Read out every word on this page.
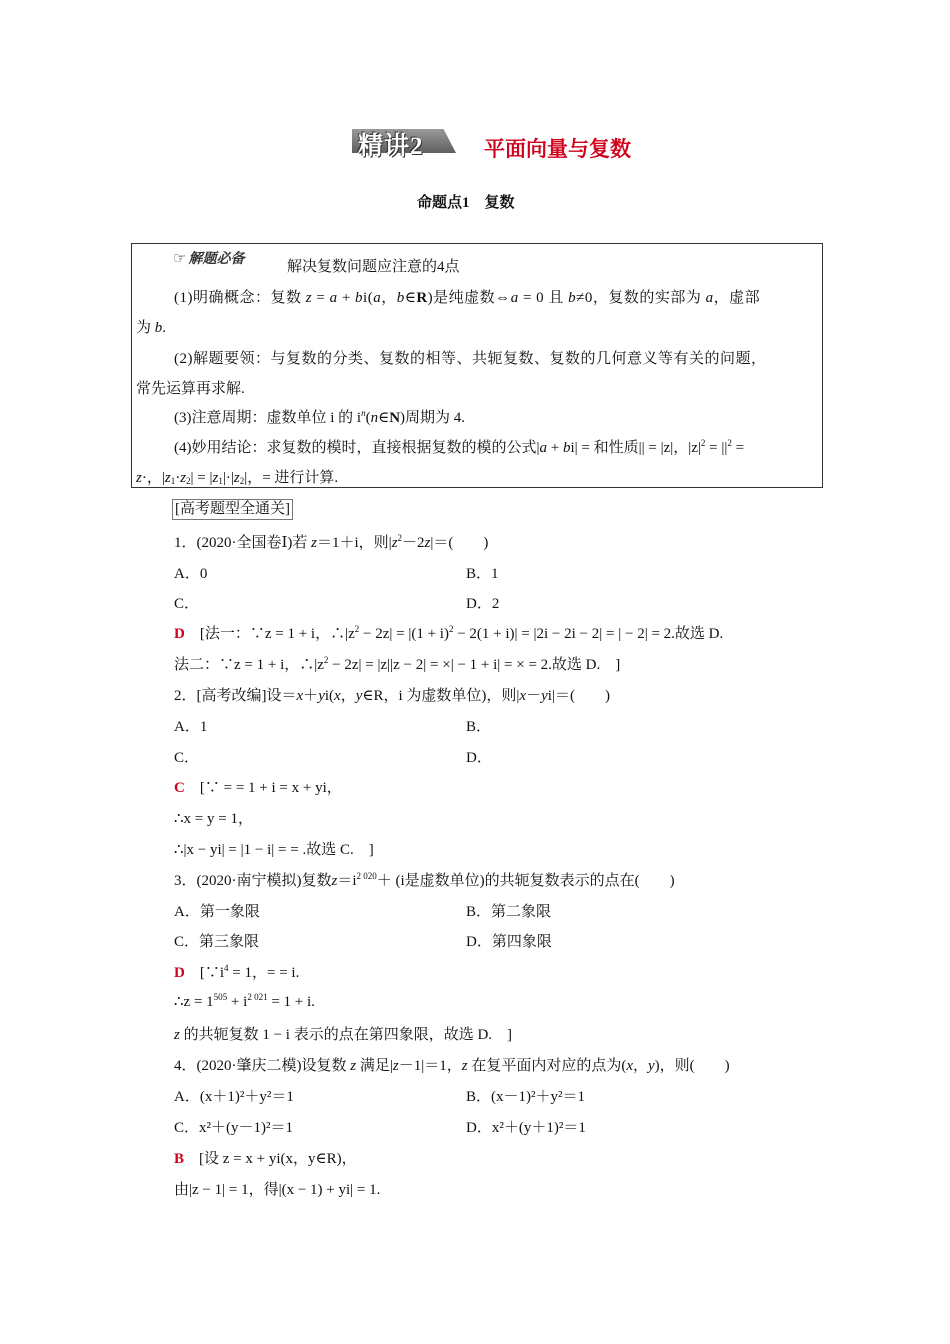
精讲2	平面向量与复数
命题点1　复数
☞ 解题必备	解决复数问题应注意的4点
(1)明确概念：复数 z = a + bi(a，b∈R)是纯虚数⇔a = 0 且 b≠0，复数的实部为 a，虚部
为 b.
(2)解题要领：与复数的分类、复数的相等、共轭复数、复数的几何意义等有关的问题，
常先运算再求解.
(3)注意周期：虚数单位 i 的 $i^n(n\in N)$周期为 4.
(4)妙用结论：求复数的模时，直接根据复数的模的公式|a + bi| = 和性质|| = |z|，$|z|^2 = ||^2$ =
z·，$|z_1\cdot z_2| = |z_1|\cdot|z_2|$，= 进行计算.
[高考题型全通关]
1．(2020·全国卷Ⅰ)若 z＝1＋i，则$|z^2-2z|=$(　　)
A．0	B．1
C．	D．2
D　 [法一：∵z = 1 + i，$\therefore|z^2 - 2z| = |(1 + i)^2 - 2(1 + i)| = |2i - 2i - 2|$ = | − 2| = 2.故选 D.
法二：∵z = 1 + i，$\therefore|z^2 - 2z| = |z||z - 2|$ = ×| − 1 + i| = × = 2.故选 D.　]
2．[高考改编]设＝x＋yi(x，y∈R，i 为虚数单位)，则|x－yi|＝(　　)
A．1	B．
C．	D．
C　 [∵ = = 1 + i = x + yi，
∴x = y = 1，
∴|x − yi| = |1 − i| = = .故选 C.　]
3．(2020·南宁模拟)复数$z=i^{2 020}+ (i$是虚数单位)的共轭复数表示的点在(　　)
A．第一象限	B．第二象限
C．第三象限	D．第四象限
D　 [$\because i^4 = 1$，= = i.
∴z = $1^{505} + i^{2 021} = 1 + i$.
z 的共轭复数 1 − i 表示的点在第四象限，故选 D.　]
4．(2020·肇庆二模)设复数 z 满足|z－1|＝1，z 在复平面内对应的点为(x，y)，则(　　)
A．(x＋1)²＋y²＝1	B．(x－1)²＋y²＝1
C．x²＋(y－1)²＝1	D．x²＋(y＋1)²＝1
B　 [设 z = x + yi(x，y∈R)，
由|z − 1| = 1，得|(x − 1) + yi| = 1.
